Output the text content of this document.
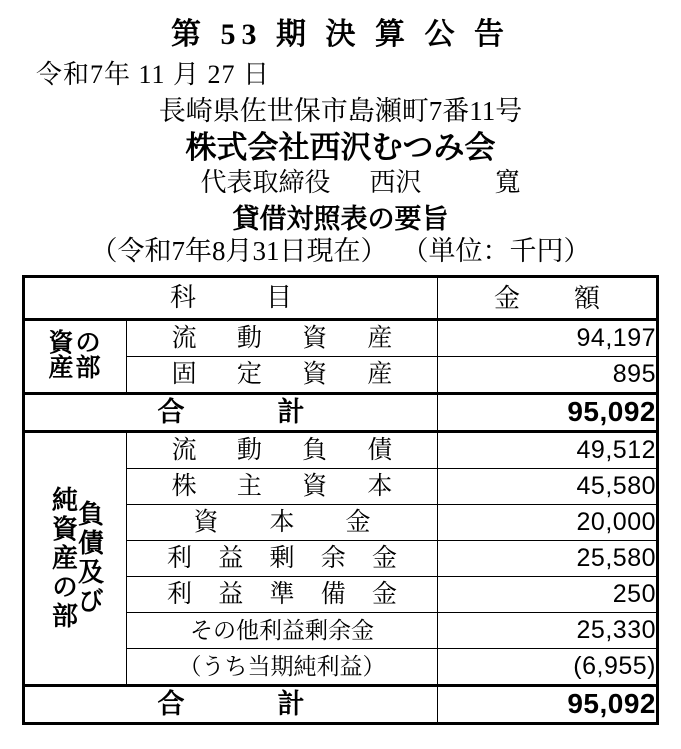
第 53 期 決 算 公 告
令和7年 11 月 27 日
長崎県佐世保市島瀬町7番11号
株式会社西沢むつみ会
代表取締役 西沢	寬
貸借対照表の要旨
（令和7年8月31日現在） （単位：千円）
科　目		金　額

資の
産部	流 動 資 産	94,197
	固 定 資 産	895
合　　計		95,092

負債及び
純資産の部	流 動 負 債	49,512
	株 主 資 本	45,580
	資　本　金	20,000
	利 益 剰 余 金	25,580
	利 益 準 備 金	250
	その他利益剰余金	25,330
	（うち当期純利益）	(6,955)
合　　計		95,092
